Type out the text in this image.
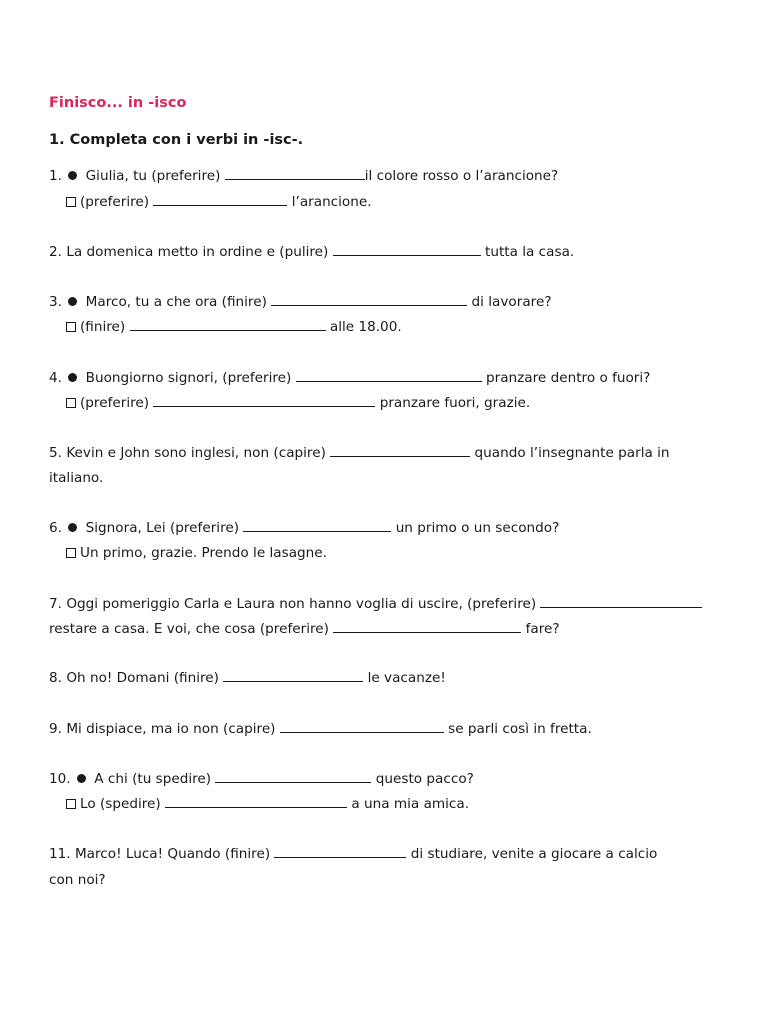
Finisco... in -isco
1. Completa con i verbi in -isc-.
1. Giulia, tu (preferire)	il colore rosso o l’arancione?
(preferire)	l’arancione.
2. La domenica metto in ordine e (pulire)	tutta la casa.
3. Marco, tu a che ora (finire)	di lavorare?
(finire)	alle 18.00.
4. Buongiorno signori, (preferire)	pranzare dentro o fuori?
(preferire)	pranzare fuori, grazie.
5. Kevin e John sono inglesi, non (capire)	quando l’insegnante parla in
italiano.
6. Signora, Lei (preferire)	un primo o un secondo?
Un primo, grazie. Prendo le lasagne.
7. Oggi pomeriggio Carla e Laura non hanno voglia di uscire, (preferire)
restare a casa. E voi, che cosa (preferire)	fare?
8. Oh no! Domani (finire)	le vacanze!
9. Mi dispiace, ma io non (capire)	se parli così in fretta.
10. A chi (tu spedire)	questo pacco?
Lo (spedire)	a una mia amica.
11. Marco! Luca! Quando (finire)	di studiare, venite a giocare a calcio
con noi?
